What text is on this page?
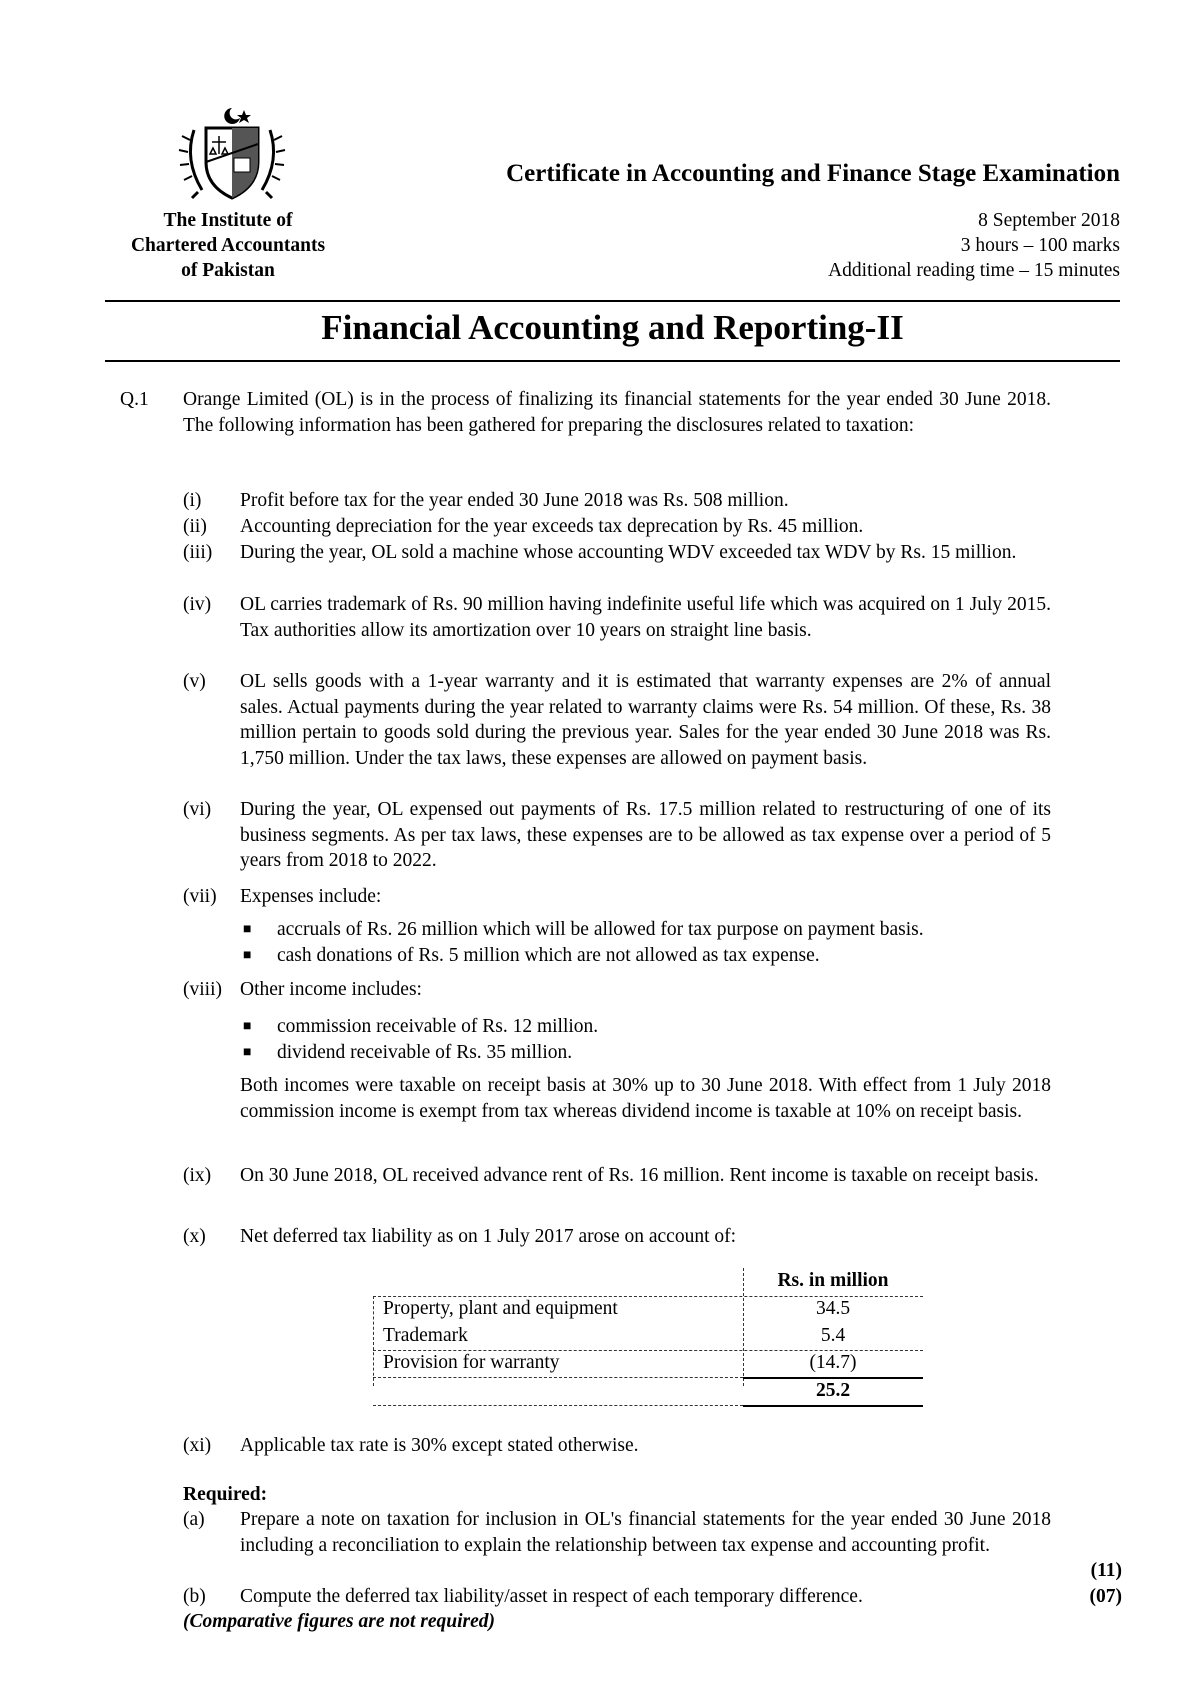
The Institute of
Chartered Accountants
of Pakistan
Certificate in Accounting and Finance Stage Examination
8 September 2018
3 hours – 100 marks
Additional reading time – 15 minutes
Financial Accounting and Reporting-II
Q.1 Orange Limited (OL) is in the process of finalizing its financial statements for the year ended 30 June 2018. The following information has been gathered for preparing the disclosures related to taxation:
(i)	Profit before tax for the year ended 30 June 2018 was Rs. 508 million.
(ii)	Accounting depreciation for the year exceeds tax deprecation by Rs. 45 million.
(iii)	During the year, OL sold a machine whose accounting WDV exceeded tax WDV by Rs. 15 million.
(iv)	OL carries trademark of Rs. 90 million having indefinite useful life which was acquired on 1 July 2015. Tax authorities allow its amortization over 10 years on straight line basis.
(v)	OL sells goods with a 1-year warranty and it is estimated that warranty expenses are 2% of annual sales. Actual payments during the year related to warranty claims were Rs. 54 million. Of these, Rs. 38 million pertain to goods sold during the previous year. Sales for the year ended 30 June 2018 was Rs. 1,750 million. Under the tax laws, these expenses are allowed on payment basis.
(vi)	During the year, OL expensed out payments of Rs. 17.5 million related to restructuring of one of its business segments. As per tax laws, these expenses are to be allowed as tax expense over a period of 5 years from 2018 to 2022.
(vii)	Expenses include:
■ accruals of Rs. 26 million which will be allowed for tax purpose on payment basis.
■ cash donations of Rs. 5 million which are not allowed as tax expense.
(viii) Other income includes:
■ commission receivable of Rs. 12 million.
■ dividend receivable of Rs. 35 million.
Both incomes were taxable on receipt basis at 30% up to 30 June 2018. With effect from 1 July 2018 commission income is exempt from tax whereas dividend income is taxable at 10% on receipt basis.
(ix)	On 30 June 2018, OL received advance rent of Rs. 16 million. Rent income is taxable on receipt basis.
(x)	Net deferred tax liability as on 1 July 2017 arose on account of:
Rs. in million
Property, plant and equipment	34.5
Trademark	5.4
Provision for warranty	(14.7)
25.2
(xi)	Applicable tax rate is 30% except stated otherwise.
Required:
(a)	Prepare a note on taxation for inclusion in OL's financial statements for the year ended 30 June 2018 including a reconciliation to explain the relationship between tax expense and accounting profit.
(11)
(b)	Compute the deferred tax liability/asset in respect of each temporary difference.	(07)
(Comparative figures are not required)
